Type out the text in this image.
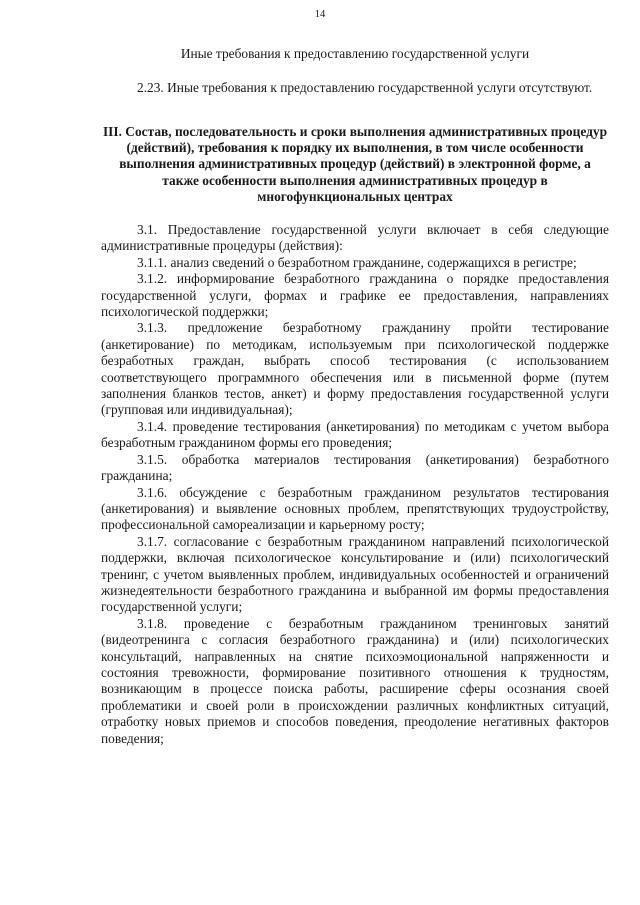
14
Иные требования к предоставлению государственной услуги
2.23. Иные требования к предоставлению государственной услуги отсутствуют.
III. Состав, последовательность и сроки выполнения административных процедур (действий), требования к порядку их выполнения, в том числе особенности выполнения административных процедур (действий) в электронной форме, а также особенности выполнения административных процедур в многофункциональных центрах

3.1. Предоставление государственной услуги включает в себя следующие административные процедуры (действия):

3.1.1. анализ сведений о безработном гражданине, содержащихся в регистре;

3.1.2. информирование безработного гражданина о порядке предоставления государственной услуги, формах и графике ее предоставления, направлениях психологической поддержки;

3.1.3. предложение безработному гражданину пройти тестирование (анкетирование) по методикам, используемым при психологической поддержке безработных граждан, выбрать способ тестирования (с использованием соответствующего программного обеспечения или в письменной форме (путем заполнения бланков тестов, анкет) и форму предоставления государственной услуги (групповая или индивидуальная);

3.1.4. проведение тестирования (анкетирования) по методикам с учетом выбора безработным гражданином формы его проведения;

3.1.5. обработка материалов тестирования (анкетирования) безработного гражданина;

3.1.6. обсуждение с безработным гражданином результатов тестирования (анкетирования) и выявление основных проблем, препятствующих трудоустройству, профессиональной самореализации и карьерному росту;

3.1.7. согласование с безработным гражданином направлений психологической поддержки, включая психологическое консультирование и (или) психологический тренинг, с учетом выявленных проблем, индивидуальных особенностей и ограничений жизнедеятельности безработного гражданина и выбранной им формы предоставления государственной услуги;

3.1.8. проведение с безработным гражданином тренинговых занятий (видеотренинга с согласия безработного гражданина) и (или) психологических консультаций, направленных на снятие психоэмоциональной напряженности и состояния тревожности, формирование позитивного отношения к трудностям, возникающим в процессе поиска работы, расширение сферы осознания своей проблематики и своей роли в происхождении различных конфликтных ситуаций, отработку новых приемов и способов поведения, преодоление негативных факторов поведения;
